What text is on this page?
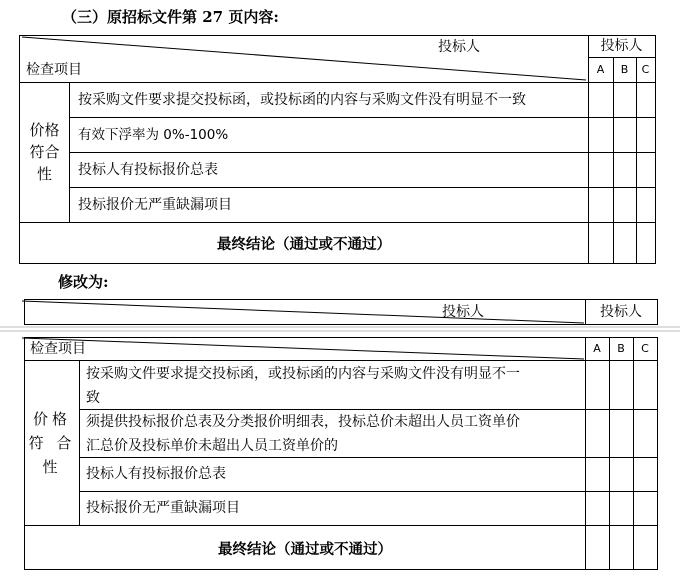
（三）原招标文件第 27 页内容:
投标人	投标人
检查项目	A	B	C
价格
符合
性
按采购文件要求提交投标函，或投标函的内容与采购文件没有明显不一致
有效下浮率为 0%-100%
投标人有投标报价总表
投标报价无严重缺漏项目
最终结论（通过或不通过）
修改为:
投标人	投标人
检查项目	A	B	C
价格
符 合
性
按采购文件要求提交投标函，或投标函的内容与采购文件没有明显不一
致
须提供投标报价总表及分类报价明细表，投标总价未超出人员工资单价
汇总价及投标单价未超出人员工资单价的
投标人有投标报价总表
投标报价无严重缺漏项目
最终结论（通过或不通过）
